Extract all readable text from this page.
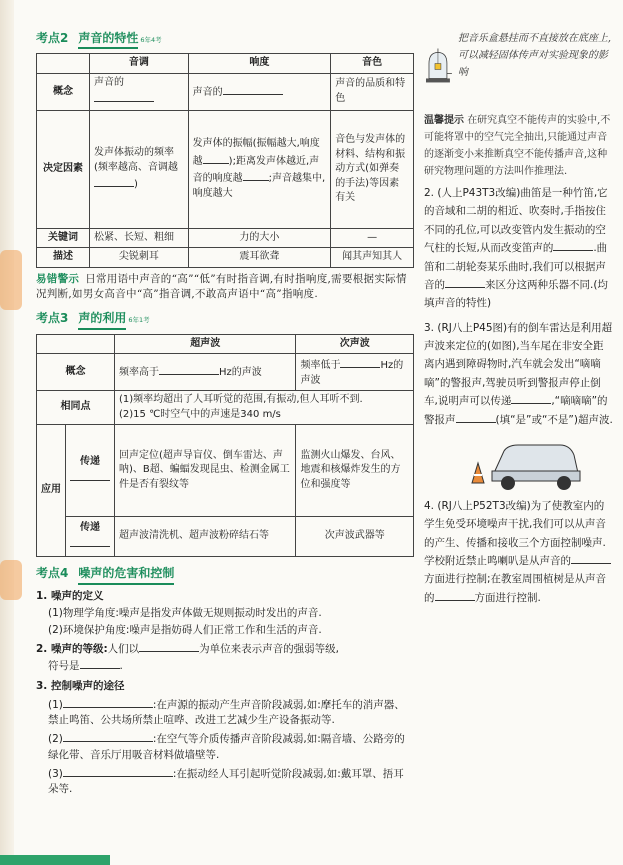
考点2 声音的特性 6年4考
	音调	响度	音色
概念	声音的	声音的	声音的品质和特色
决定因素	发声体振动的频率(频率越高、音调越)	发声体的振幅(振幅越大,响度越 );距离发声体越近,声音的响度越 ;声音越集中,响度越大	音色与发声体的材料、结构和振动方式(如弹奏的手法)等因素有关
关键词	松紧、长短、粗细	力的大小	—
描述	尖锐刺耳	震耳欲聋	闻其声知其人
易错警示 日常用语中声音的“高”“低”有时指音调,有时指响度,需要根据实际情况判断,如男女高音中“高”指音调,不敢高声语中“高”指响度.
考点3 声的利用 6年1考
		超声波	次声波
概念		频率高于 Hz的声波	频率低于 Hz的声波
相同点		(1)频率均超出了人耳听觉的范围,有振动,但人耳听不到.
(2)15 ℃时空气中的声速是340 m/s	

应用	传递	回声定位(超声导盲仪、倒车雷达、声呐)、B超、蝙蝠发现昆虫、检测金属工件是否有裂纹等	监测火山爆发、台风、地震和核爆炸发生的方位和强度等
	传递	超声波清洗机、超声波粉碎结石等	次声波武器等
考点4 噪声的危害和控制
1. 噪声的定义
(1)物理学角度:噪声是指发声体做无规则振动时发出的声音.
(2)环境保护角度:噪声是指妨碍人们正常工作和生活的声音.
2. 噪声的等级:人们以	为单位来表示声音的强弱等级,
符号是	.
3. 控制噪声的途径
(1)	:在声源的振动产生声音阶段减弱,如:摩托车的消声器、禁止鸣笛、公共场所禁止喧哗、改进工艺减少生产设备振动等.
(2)	:在空气等介质传播声音阶段减弱,如:隔音墙、公路旁的绿化带、音乐厅用吸音材料做墙壁等.
(3)	:在振动经人耳引起听觉阶段减弱,如:戴耳罩、捂耳朵等.
把音乐盒悬挂而不直接放在底座上,可以减轻固体传声对实验现象的影响
温馨提示 在研究真空不能传声的实验中,不可能将罩中的空气完全抽出,只能通过声音的逐渐变小来推断真空不能传播声音,这种研究物理问题的方法叫作推理法.
2. (人上P43T3改编)曲笛是一种竹笛,它的音域和二胡的相近、吹奏时,手指按住不同的孔位,可以改变管内发生振动的空气柱的长短,从而改变笛声的	.曲笛和二胡轮奏某乐曲时,我们可以根据声音的	来区分这两种乐器不同.(均填声音的特性)
3. (RJ八上P45图)有的倒车雷达是利用超声波来定位的(如图),当车尾在非安全距离内遇到障碍物时,汽车就会发出“嘀嘀嘀”的警报声,驾驶员听到警报声停止倒车,说明声可以传递	,“嘀嘀嘀”的警报声	(填“是”或“不是”)超声波.
4. (RJ八上P52T3改编)为了使教室内的学生免受环境噪声干扰,我们可以从声音的产生、传播和接收三个方面控制噪声.学校附近禁止鸣喇叭是从声音的方面进行控制;在教室周围植树是从声音的	方面进行控制.
